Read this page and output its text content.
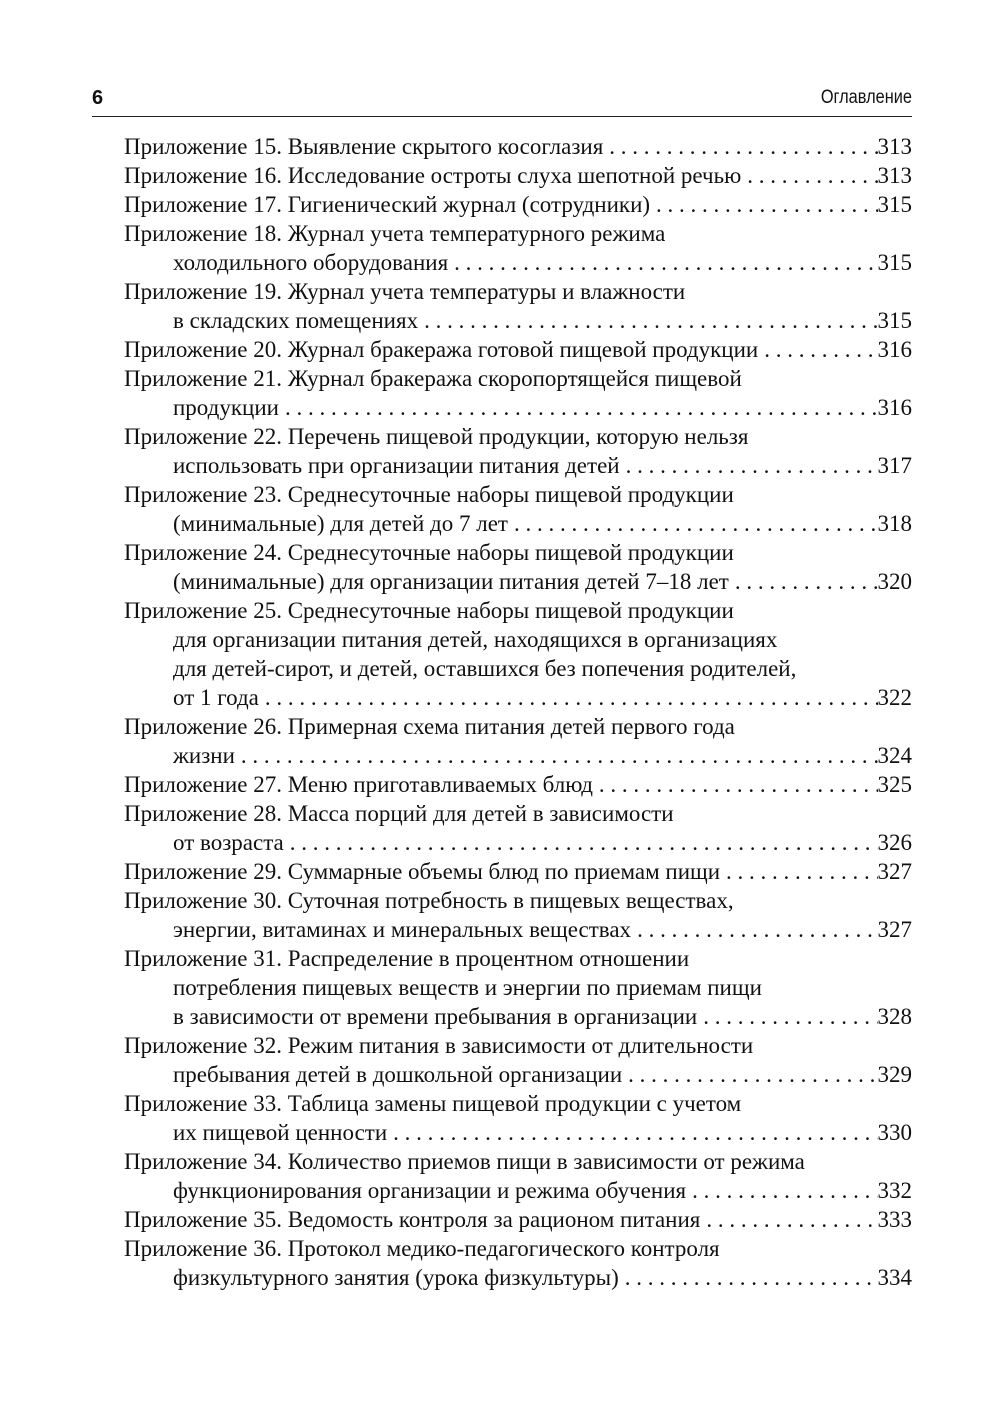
6	Оглавление
Приложение 15. Выявление скрытого косоглазия . . .	313
Приложение 16. Исследование остроты слуха шепотной речью . . .	313
Приложение 17. Гигиенический журнал (сотрудники) . . .	315
Приложение 18. Журнал учета температурного режима
холодильного оборудования . . .	315
Приложение 19. Журнал учета температуры и влажности
в складских помещениях . . .	315
Приложение 20. Журнал бракеража готовой пищевой продукции . . .	316
Приложение 21. Журнал бракеража скоропортящейся пищевой
продукции . . .	316
Приложение 22. Перечень пищевой продукции, которую нельзя
использовать при организации питания детей . . .	317
Приложение 23. Среднесуточные наборы пищевой продукции
(минимальные) для детей до 7 лет . . .	318
Приложение 24. Среднесуточные наборы пищевой продукции
(минимальные) для организации питания детей 7–18 лет . . .	320
Приложение 25. Среднесуточные наборы пищевой продукции
для организации питания детей, находящихся в организациях
для детей-сирот, и детей, оставшихся без попечения родителей,
от 1 года . . .	322
Приложение 26. Примерная схема питания детей первого года
жизни . . .	324
Приложение 27. Меню приготавливаемых блюд . . .	325
Приложение 28. Масса порций для детей в зависимости
от возраста . . .	326
Приложение 29. Суммарные объемы блюд по приемам пищи . . .	327
Приложение 30. Суточная потребность в пищевых веществах,
энергии, витаминах и минеральных веществах . . .	327
Приложение 31. Распределение в процентном отношении
потребления пищевых веществ и энергии по приемам пищи
в зависимости от времени пребывания в организации . . .	328
Приложение 32. Режим питания в зависимости от длительности
пребывания детей в дошкольной организации . . .	329
Приложение 33. Таблица замены пищевой продукции с учетом
их пищевой ценности . . .	330
Приложение 34. Количество приемов пищи в зависимости от режима
функционирования организации и режима обучения . . .	332
Приложение 35. Ведомость контроля за рационом питания . . .	333
Приложение 36. Протокол медико-педагогического контроля
физкультурного занятия (урока физкультуры) . . .	334
